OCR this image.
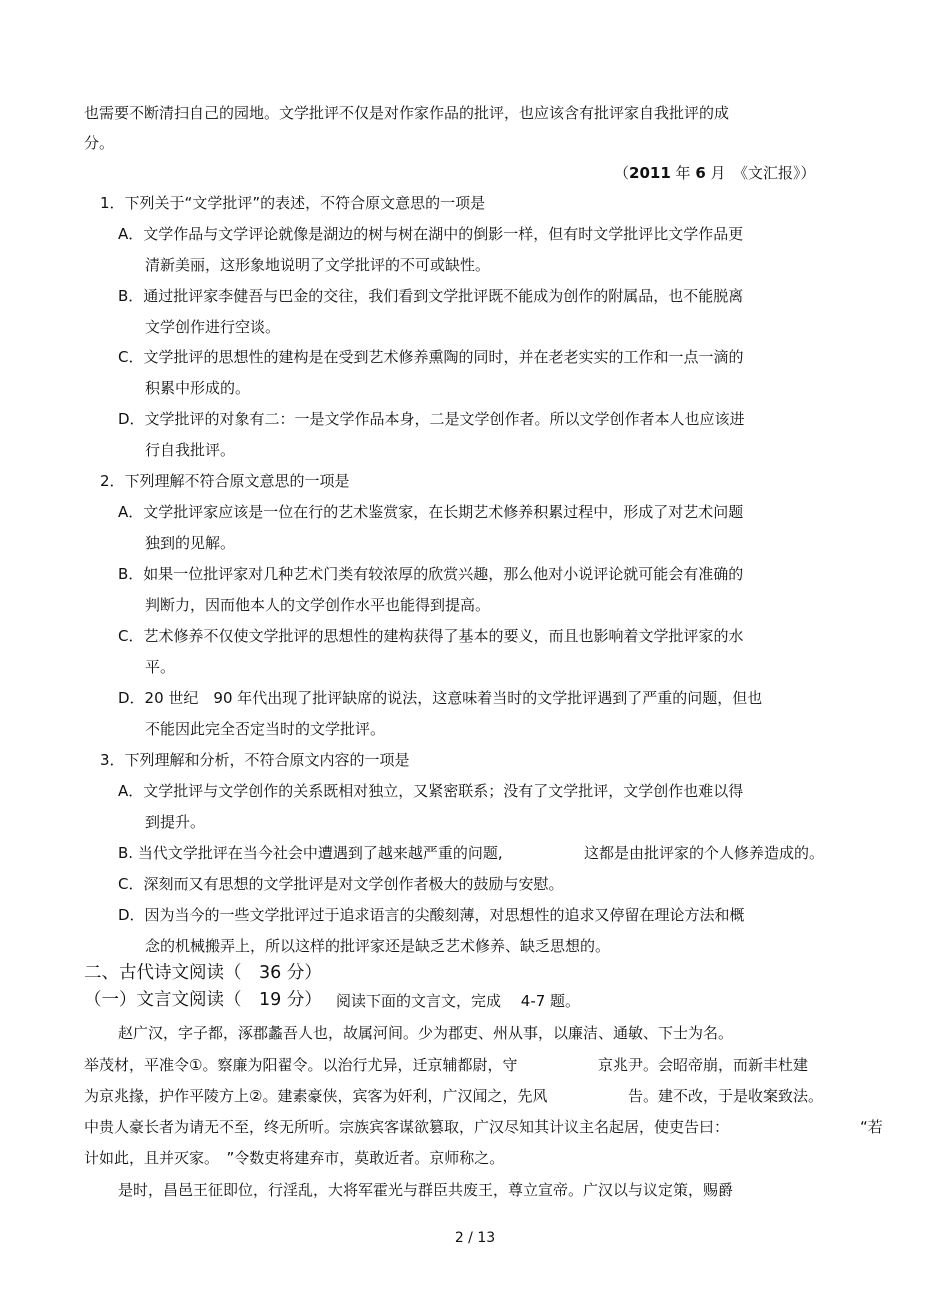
也需要不断清扫自己的园地。文学批评不仅是对作家作品的批评，也应该含有批评家自我批评的成
分。
（2011 年 6 月　《文汇报》）
1．下列关于“文学批评”的表述，不符合原文意思的一项是
A．文学作品与文学评论就像是湖边的树与树在湖中的倒影一样，但有时文学批评比文学作品更
清新美丽，这形象地说明了文学批评的不可或缺性。
B．通过批评家李健吾与巴金的交往，我们看到文学批评既不能成为创作的附属品，也不能脱离
文学创作进行空谈。
C．文学批评的思想性的建构是在受到艺术修养熏陶的同时，并在老老实实的工作和一点一滴的
积累中形成的。
D．文学批评的对象有二：一是文学作品本身，二是文学创作者。所以文学创作者本人也应该进
行自我批评。
2．下列理解不符合原文意思的一项是
A．文学批评家应该是一位在行的艺术鉴赏家，在长期艺术修养积累过程中，形成了对艺术问题
独到的见解。
B．如果一位批评家对几种艺术门类有较浓厚的欣赏兴趣，那么他对小说评论就可能会有准确的
判断力，因而他本人的文学创作水平也能得到提高。
C．艺术修养不仅使文学批评的思想性的建构获得了基本的要义，而且也影响着文学批评家的水
平。
D．20 世纪　90 年代出现了批评缺席的说法，这意味着当时的文学批评遇到了严重的问题，但也
不能因此完全否定当时的文学批评。
3．下列理解和分析，不符合原文内容的一项是
A．文学批评与文学创作的关系既相对独立，又紧密联系；没有了文学批评，文学创作也难以得
到提升。
B. 当代文学批评在当今社会中遭遇到了越来越严重的问题,	这都是由批评家的个人修养造成的。
C．深刻而又有思想的文学批评是对文学创作者极大的鼓励与安慰。
D．因为当今的一些文学批评过于追求语言的尖酸刻薄，对思想性的追求又停留在理论方法和概
念的机械搬弄上，所以这样的批评家还是缺乏艺术修养、缺乏思想的。
二、古代诗文阅读（　36 分）
（一）文言文阅读（　19 分） 阅读下面的文言文，完成　 4-7 题。
赵广汉，字子都，涿郡蠡吾人也，故属河间。少为郡吏、州从事，以廉洁、通敏、下士为名。
举茂材，平准令①。察廉为阳翟令。以治行尤异，迁京辅都尉，守	京兆尹。会昭帝崩，而新丰杜建
为京兆掾，护作平陵方上②。建素豪侠，宾客为奸利，广汉闻之，先风	告。建不改，于是收案致法。
中贵人豪长者为请无不至，终无所听。宗族宾客谋欲篡取，广汉尽知其计议主名起居，使吏告曰：	“若
计如此，且并灭家。　”令数吏将建弃市，莫敢近者。京师称之。
是时，昌邑王征即位，行淫乱，大将军霍光与群臣共废王，尊立宣帝。广汉以与议定策，赐爵
2 / 13
